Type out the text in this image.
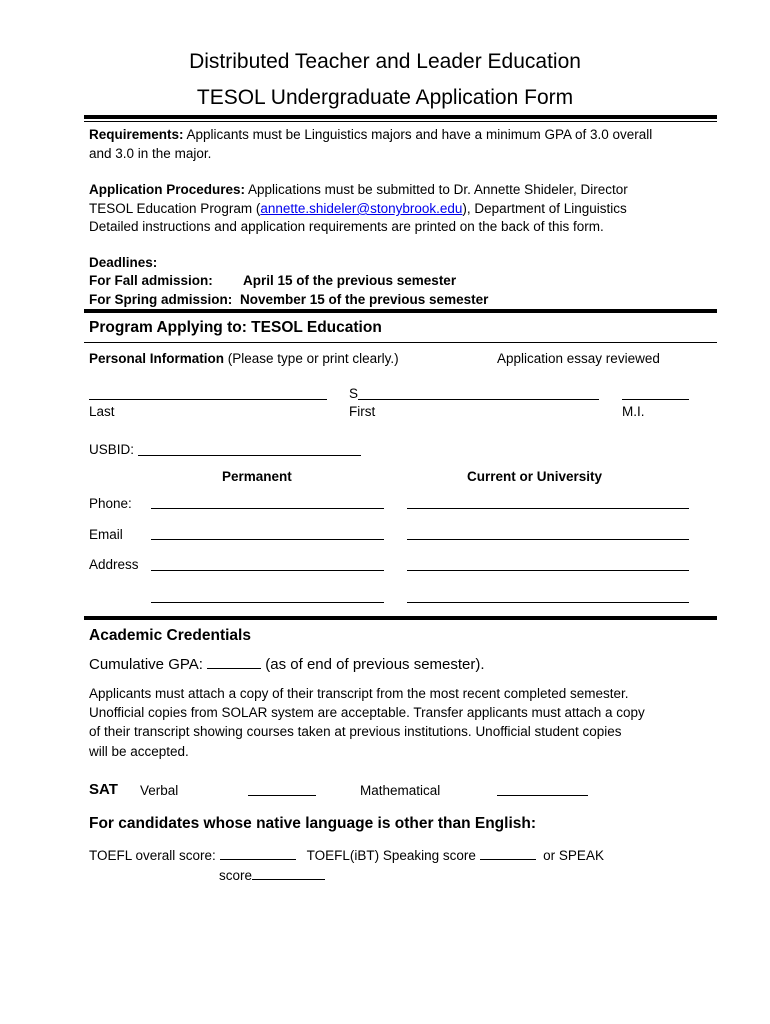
Distributed Teacher and Leader Education
TESOL Undergraduate Application Form
Requirements: Applicants must be Linguistics majors and have a minimum GPA of 3.0 overall
and 3.0 in the major.
Application Procedures: Applications must be submitted to Dr. Annette Shideler, Director
TESOL Education Program (annette.shideler@stonybrook.edu), Department of Linguistics
Detailed instructions and application requirements are printed on the back of this form.
Deadlines:
For Fall admission: April 15 of the previous semester
For Spring admission: November 15 of the previous semester
Program Applying to: TESOL Education
Personal Information (Please type or print clearly.)	Application essay reviewed
S
Last	First	M.I.
USBID:
Permanent	Current or University
Phone:
Email
Address
Academic Credentials
Cumulative GPA:	(as of end of previous semester).
Applicants must attach a copy of their transcript from the most recent completed semester.
Unofficial copies from SOLAR system are acceptable. Transfer applicants must attach a copy
of their transcript showing courses taken at previous institutions. Unofficial student copies
will be accepted.
SAT Verbal	Mathematical
For candidates whose native language is other than English:
TOEFL overall score:	TOEFL(iBT) Speaking score	or SPEAK
score
